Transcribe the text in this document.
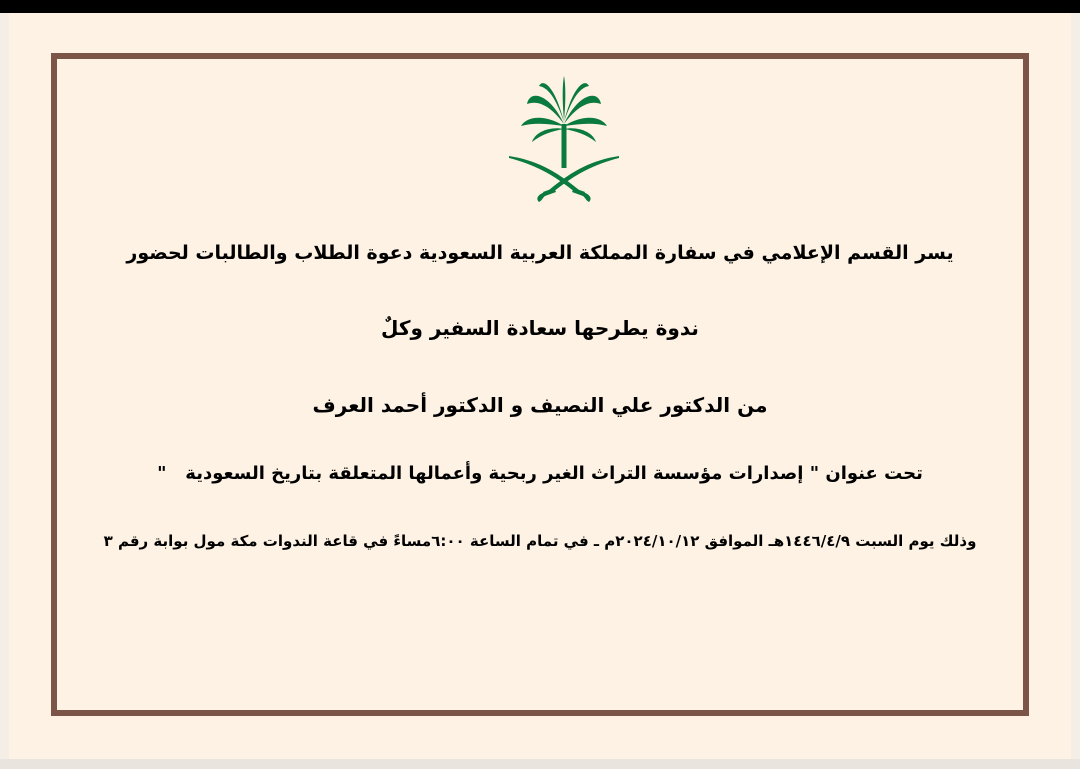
يسر القسم الإعلامي في سفارة المملكة العربية السعودية دعوة الطلاب والطالبات لحضور
ندوة يطرحها سعادة السفير وكلٌ
من الدكتور علي النصيف و الدكتور أحمد العرف
تحت عنوان " إصدارات مؤسسة التراث الغير ربحية وأعمالها المتعلقة بتاريخ السعودية   "
وذلك يوم السبت ١٤٤٦/٤/٩هـ الموافق ٢٠٢٤/١٠/١٢م ـ في تمام الساعة ٦:٠٠مساءً في قاعة الندوات مكة مول بوابة رقم ٣
